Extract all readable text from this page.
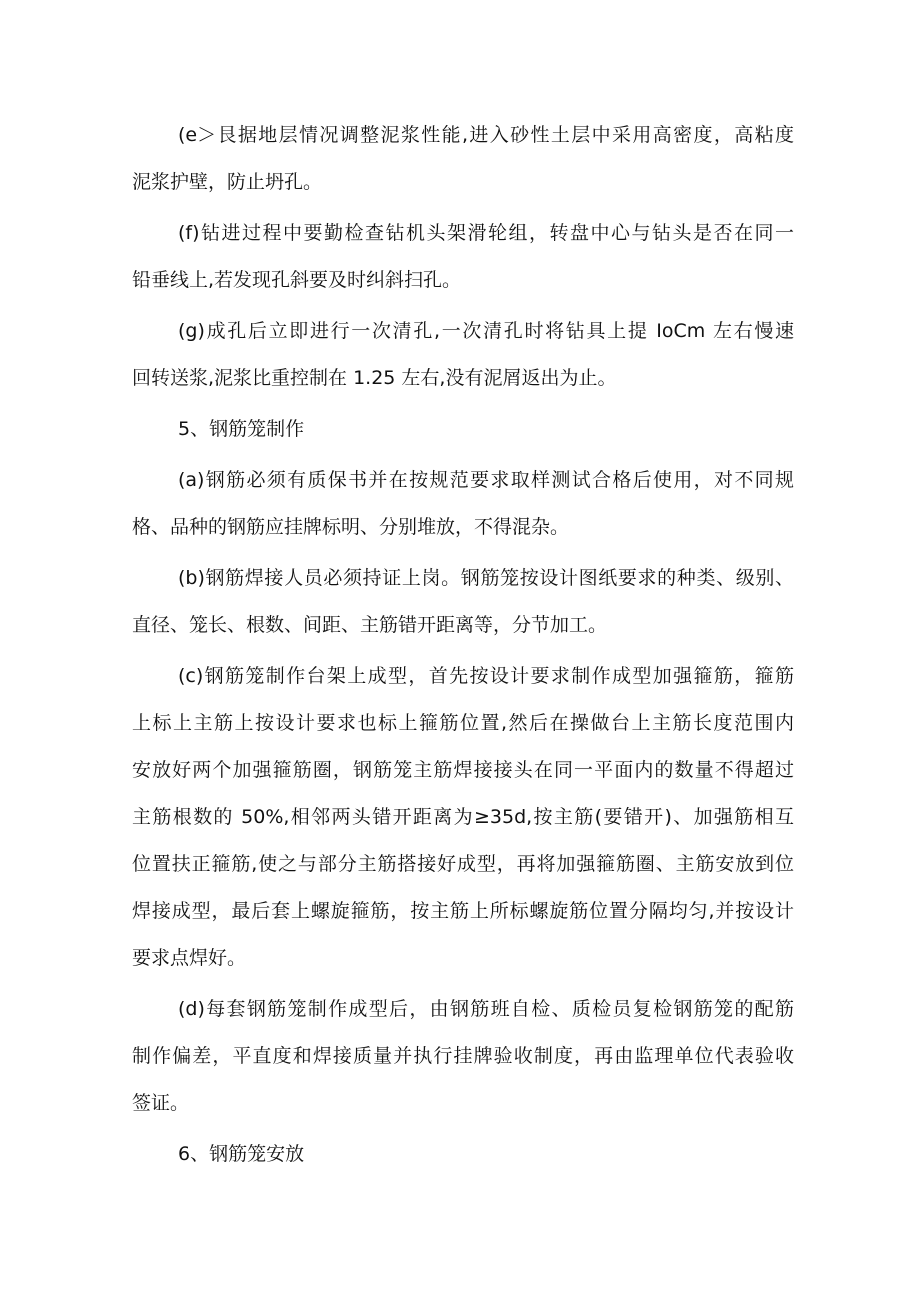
(e＞艮据地层情况调整泥浆性能,进入砂性土层中采用高密度，高粘度
泥浆护壁，防止坍孔。
(f)钻进过程中要勤检查钻机头架滑轮组，转盘中心与钻头是否在同一
铅垂线上,若发现孔斜要及时纠斜扫孔。
(g)成孔后立即进行一次清孔,一次清孔时将钻具上提 IoCm 左右慢速
回转送浆,泥浆比重控制在 1.25 左右,没有泥屑返出为止。
5、钢筋笼制作
(a)钢筋必须有质保书并在按规范要求取样测试合格后使用，对不同规
格、品种的钢筋应挂牌标明、分别堆放，不得混杂。
(b)钢筋焊接人员必须持证上岗。钢筋笼按设计图纸要求的种类、级别、
直径、笼长、根数、间距、主筋错开距离等，分节加工。
(c)钢筋笼制作台架上成型，首先按设计要求制作成型加强箍筋，箍筋
上标上主筋上按设计要求也标上箍筋位置,然后在操做台上主筋长度范围内
安放好两个加强箍筋圈，钢筋笼主筋焊接接头在同一平面内的数量不得超过
主筋根数的 50%,相邻两头错开距离为≥35d,按主筋(要错开)、加强筋相互
位置扶正箍筋,使之与部分主筋搭接好成型，再将加强箍筋圈、主筋安放到位
焊接成型，最后套上螺旋箍筋，按主筋上所标螺旋筋位置分隔均匀,并按设计
要求点焊好。
(d)每套钢筋笼制作成型后，由钢筋班自检、质检员复检钢筋笼的配筋
制作偏差，平直度和焊接质量并执行挂牌验收制度，再由监理单位代表验收
签证。
6、钢筋笼安放
